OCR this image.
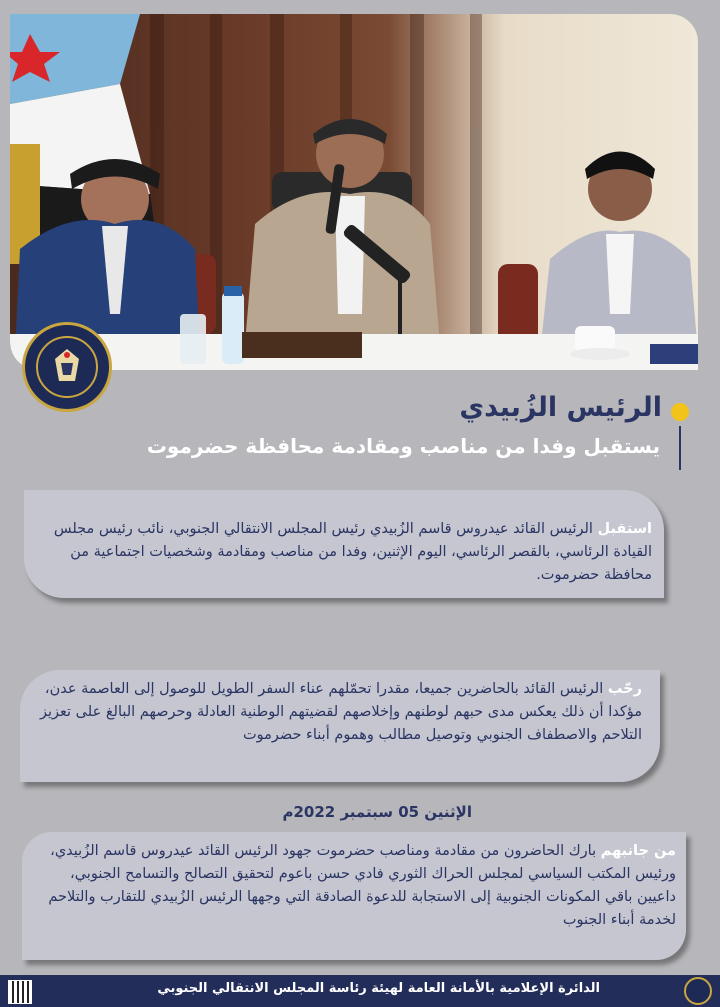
الرئيس الزُبيدي
يستقبل وفدا من مناصب ومقادمة محافظة حضرموت
استقبل الرئيس القائد عيدروس قاسم الزُبيدي رئيس المجلس الانتقالي الجنوبي، نائب رئيس مجلس القيادة الرئاسي، بالقصر الرئاسي، اليوم الإثنين، وفدا من مناصب ومقادمة وشخصيات اجتماعية من محافظة حضرموت.
رحّب الرئيس القائد بالحاضرين جميعا، مقدرا تحمّلهم عناء السفر الطويل للوصول إلى العاصمة عدن، مؤكدا أن ذلك يعكس مدى حبهم لوطنهم وإخلاصهم لقضيتهم الوطنية العادلة وحرصهم البالغ على تعزيز التلاحم والاصطفاف الجنوبي وتوصيل مطالب وهموم أبناء حضرموت
الإثنين 05 سبتمبر 2022م
من جانبهم بارك الحاضرون من مقادمة ومناصب حضرموت جهود الرئيس القائد عيدروس قاسم الزُبيدي، ورئيس المكتب السياسي لمجلس الحراك الثوري فادي حسن باعوم لتحقيق التصالح والتسامح الجنوبي، داعيين باقي المكونات الجنوبية إلى الاستجابة للدعوة الصادقة التي وجهها الرئيس الزُبيدي للتقارب والتلاحم لخدمة أبناء الجنوب
الدائرة الإعلامية بالأمانة العامة لهيئة رئاسة المجلس الانتقالي الجنوبي
